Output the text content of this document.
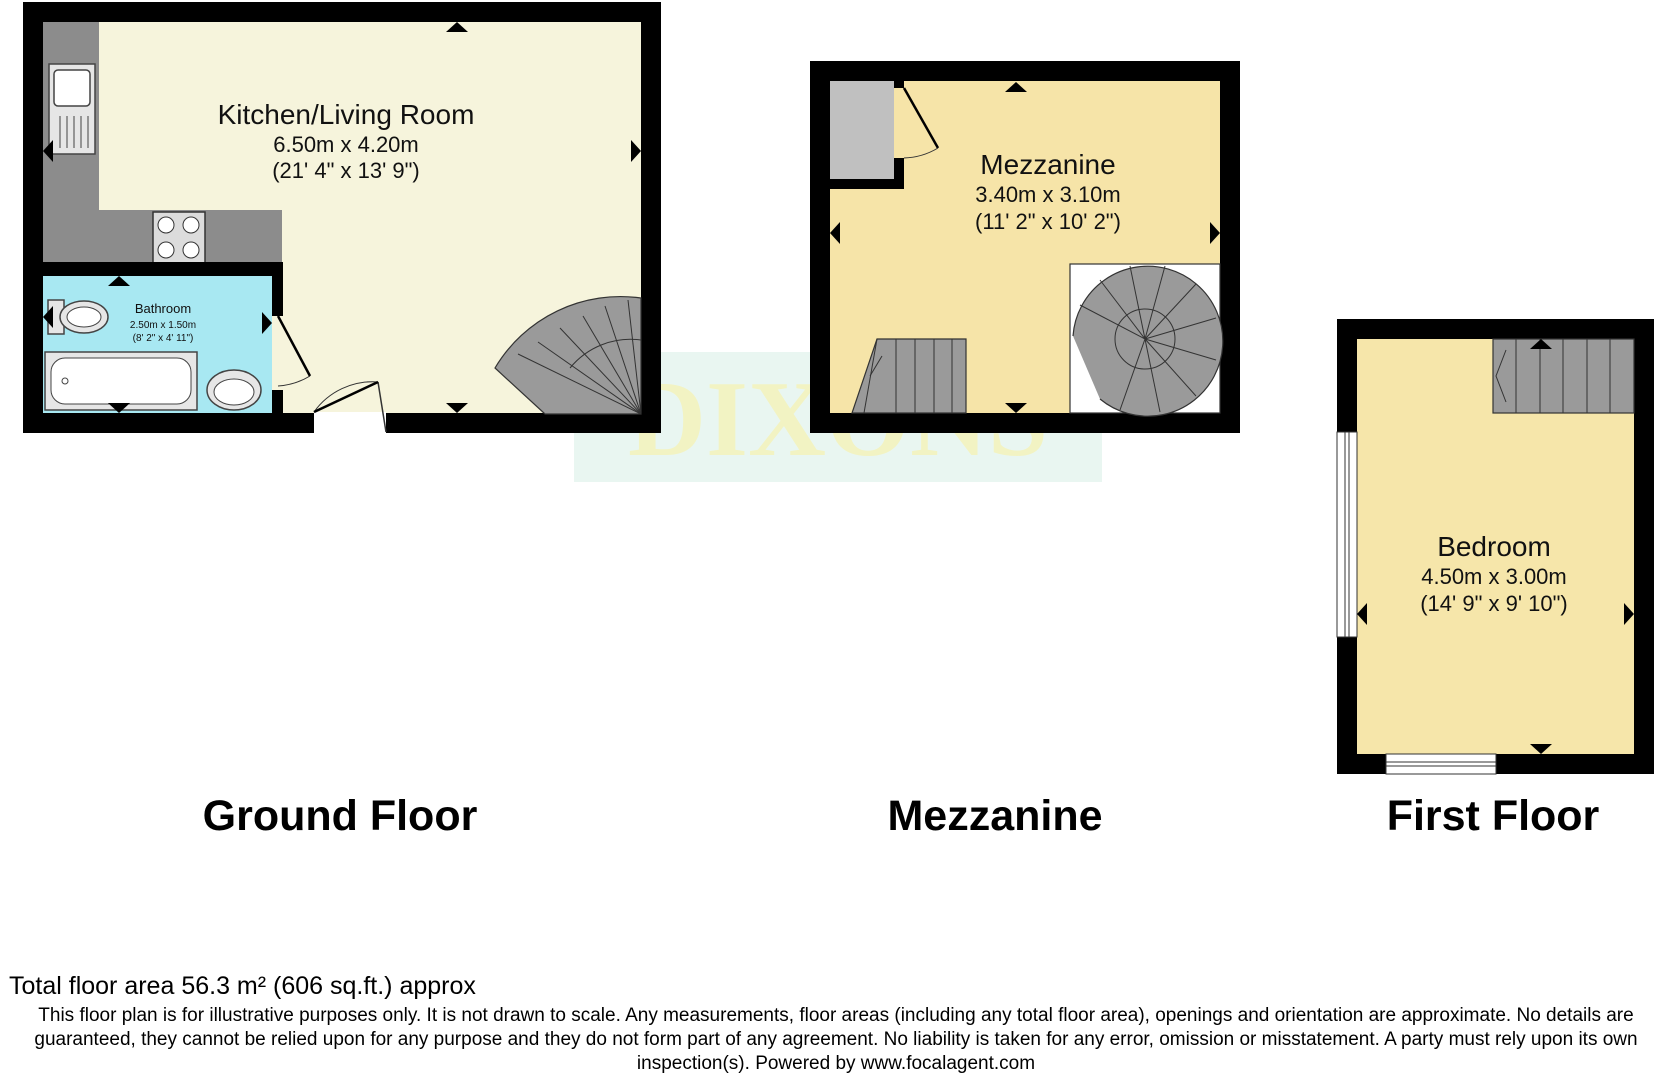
Kitchen/Living Room
6.50m x 4.20m
(21' 4" x 13' 9")
Bathroom
2.50m x 1.50m
(8' 2" x 4' 11")
Mezzanine
3.40m x 3.10m
(11' 2" x 10' 2")
Bedroom
4.50m x 3.00m
(14' 9" x 9' 10")
Ground Floor	Mezzanine	First Floor
Total floor area 56.3 m² (606 sq.ft.) approx
This floor plan is for illustrative purposes only. It is not drawn to scale. Any measurements, floor areas (including any total floor area), openings and orientation are approximate. No details are guaranteed, they cannot be relied upon for any purpose and they do not form part of any agreement. No liability is taken for any error, omission or misstatement. A party must rely upon its own inspection(s). Powered by www.focalagent.com
